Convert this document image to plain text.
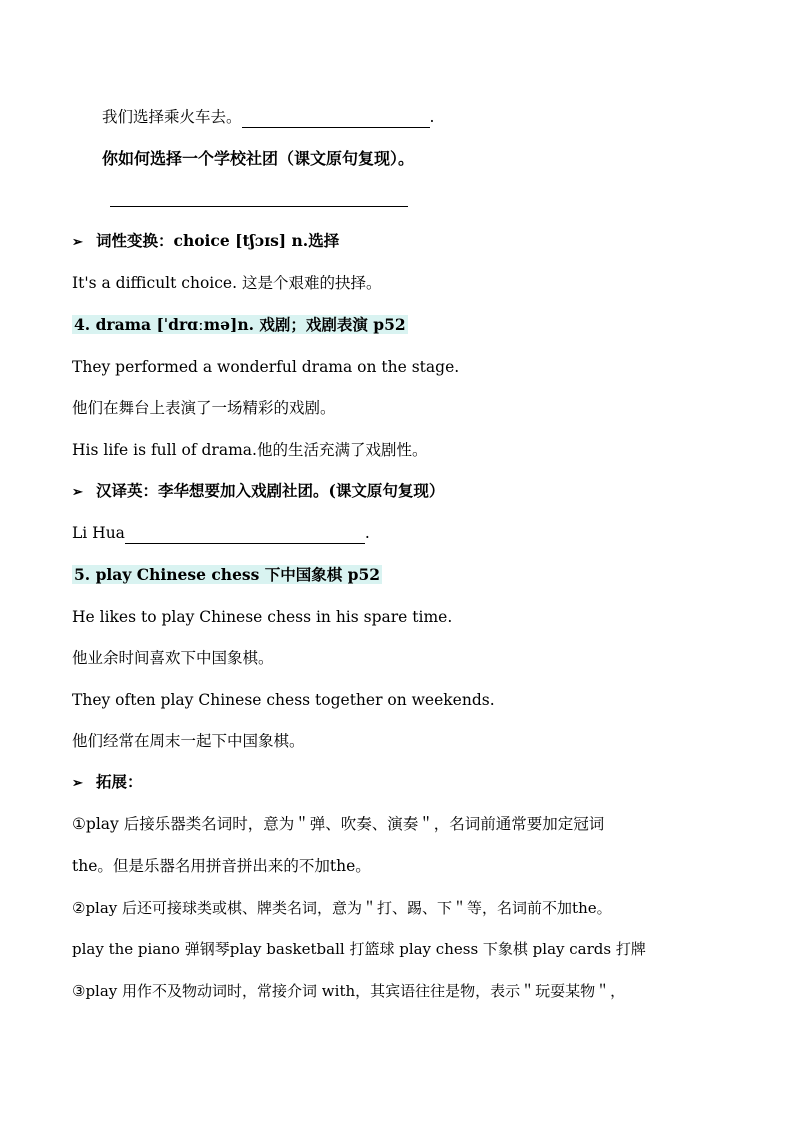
我们选择乘火车去。	.
你如何选择一个学校社团（课文原句复现）。
➢ 词性变换：choice [tʃɔɪs] n.选择
It's a difficult choice. 这是个艰难的抉择。
4. drama [ˈdrɑːmə]n. 戏剧；戏剧表演 p52
They performed a wonderful drama on the stage.
他们在舞台上表演了一场精彩的戏剧。
His life is full of drama.他的生活充满了戏剧性。
➢ 汉译英：李华想要加入戏剧社团。(课文原句复现）
Li Hua	.
5. play Chinese chess 下中国象棋 p52
He likes to play Chinese chess in his spare time.
他业余时间喜欢下中国象棋。
They often play Chinese chess together on weekends.
他们经常在周末一起下中国象棋。
➢ 拓展：
①play 后接乐器类名词时，意为＂弹、吹奏、演奏＂，名词前通常要加定冠词
the。但是乐器名用拼音拼出来的不加the。
②play 后还可接球类或棋、牌类名词，意为＂打、踢、下＂等，名词前不加the。
play the piano 弹钢琴play basketball 打篮球 play chess 下象棋 play cards 打牌
③play 用作不及物动词时，常接介词 with，其宾语往往是物，表示＂玩耍某物＂，
